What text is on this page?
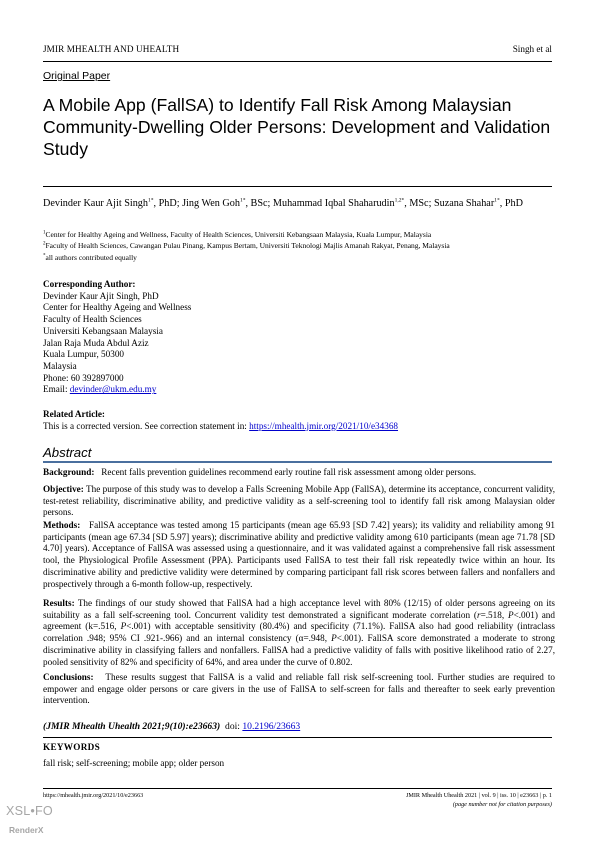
JMIR MHEALTH AND UHEALTH	Singh et al
Original Paper
A Mobile App (FallSA) to Identify Fall Risk Among Malaysian Community-Dwelling Older Persons: Development and Validation Study
Devinder Kaur Ajit Singh$^{1*}$, PhD; Jing Wen Goh$^{1*}$, BSc; Muhammad Iqbal Shaharudin$^{1,2*}$, MSc; Suzana Shahar$^{1*}$, PhD
$^1$Center for Healthy Ageing and Wellness, Faculty of Health Sciences, Universiti Kebangsaan Malaysia, Kuala Lumpur, Malaysia
$^2$Faculty of Health Sciences, Cawangan Pulau Pinang, Kampus Bertam, Universiti Teknologi Majlis Amanah Rakyat, Penang, Malaysia
*all authors contributed equally
Corresponding Author:
Devinder Kaur Ajit Singh, PhD
Center for Healthy Ageing and Wellness
Faculty of Health Sciences
Universiti Kebangsaan Malaysia
Jalan Raja Muda Abdul Aziz
Kuala Lumpur, 50300
Malaysia
Phone: 60 392897000
Email: devinder@ukm.edu.my
Related Article:
This is a corrected version. See correction statement in: https://mhealth.jmir.org/2021/10/e34368
Abstract
Background: Recent falls prevention guidelines recommend early routine fall risk assessment among older persons.
Objective: The purpose of this study was to develop a Falls Screening Mobile App (FallSA), determine its acceptance, concurrent validity, test-retest reliability, discriminative ability, and predictive validity as a self-screening tool to identify fall risk among Malaysian older persons.
Methods: FallSA acceptance was tested among 15 participants (mean age 65.93 [SD 7.42] years); its validity and reliability among 91 participants (mean age 67.34 [SD 5.97] years); discriminative ability and predictive validity among 610 participants (mean age 71.78 [SD 4.70] years). Acceptance of FallSA was assessed using a questionnaire, and it was validated against a comprehensive fall risk assessment tool, the Physiological Profile Assessment (PPA). Participants used FallSA to test their fall risk repeatedly twice within an hour. Its discriminative ability and predictive validity were determined by comparing participant fall risk scores between fallers and nonfallers and prospectively through a 6-month follow-up, respectively.
Results: The findings of our study showed that FallSA had a high acceptance level with 80% (12/15) of older persons agreeing on its suitability as a fall self-screening tool. Concurrent validity test demonstrated a significant moderate correlation (r=.518, P<.001) and agreement (k=.516, P<.001) with acceptable sensitivity (80.4%) and specificity (71.1%). FallSA also had good reliability (intraclass correlation .948; 95% CI .921-.966) and an internal consistency (α=.948, P<.001). FallSA score demonstrated a moderate to strong discriminative ability in classifying fallers and nonfallers. FallSA had a predictive validity of falls with positive likelihood ratio of 2.27, pooled sensitivity of 82% and specificity of 64%, and area under the curve of 0.802.
Conclusions: These results suggest that FallSA is a valid and reliable fall risk self-screening tool. Further studies are required to empower and engage older persons or care givers in the use of FallSA to self-screen for falls and thereafter to seek early prevention intervention.
(JMIR Mhealth Uhealth 2021;9(10):e23663) doi: 10.2196/23663
KEYWORDS
fall risk; self-screening; mobile app; older person
https://mhealth.jmir.org/2021/10/e23663	JMIR Mhealth Uhealth 2021 | vol. 9 | iss. 10 | e23663 | p. 1
(page number not for citation purposes)
XSL•FO
RenderX
